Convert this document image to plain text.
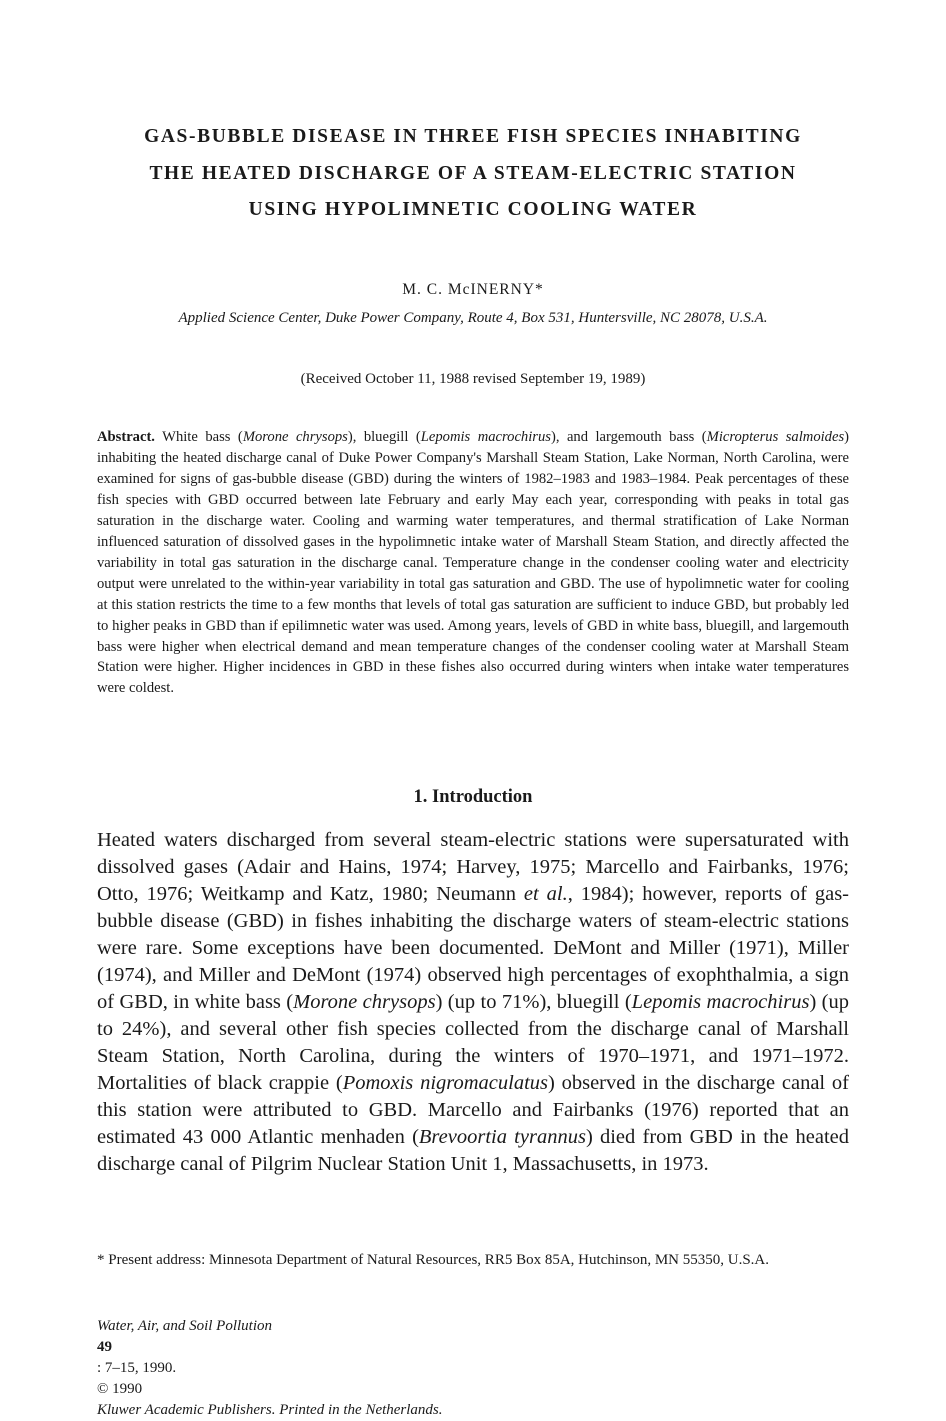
GAS-BUBBLE DISEASE IN THREE FISH SPECIES INHABITING
THE HEATED DISCHARGE OF A STEAM-ELECTRIC STATION
USING HYPOLIMNETIC COOLING WATER

M. C. McINERNY*

Applied Science Center, Duke Power Company, Route 4, Box 531, Huntersville, NC 28078, U.S.A.

(Received October 11, 1988 revised September 19, 1989)

Abstract. White bass (Morone chrysops), bluegill (Lepomis macrochirus), and largemouth bass (Micropterus salmoides) inhabiting the heated discharge canal of Duke Power Company's Marshall Steam Station, Lake Norman, North Carolina, were examined for signs of gas-bubble disease (GBD) during the winters of 1982–1983 and 1983–1984. Peak percentages of these fish species with GBD occurred between late February and early May each year, corresponding with peaks in total gas saturation in the discharge water. Cooling and warming water temperatures, and thermal stratification of Lake Norman influenced saturation of dissolved gases in the hypolimnetic intake water of Marshall Steam Station, and directly affected the variability in total gas saturation in the discharge canal. Temperature change in the condenser cooling water and electricity output were unrelated to the within-year variability in total gas saturation and GBD. The use of hypolimnetic water for cooling at this station restricts the time to a few months that levels of total gas saturation are sufficient to induce GBD, but probably led to higher peaks in GBD than if epilimnetic water was used. Among years, levels of GBD in white bass, bluegill, and largemouth bass were higher when electrical demand and mean temperature changes of the condenser cooling water at Marshall Steam Station were higher. Higher incidences in GBD in these fishes also occurred during winters when intake water temperatures were coldest.

1. Introduction

Heated waters discharged from several steam-electric stations were supersaturated with dissolved gases (Adair and Hains, 1974; Harvey, 1975; Marcello and Fairbanks, 1976; Otto, 1976; Weitkamp and Katz, 1980; Neumann et al., 1984); however, reports of gas-bubble disease (GBD) in fishes inhabiting the discharge waters of steam-electric stations were rare. Some exceptions have been documented. DeMont and Miller (1971), Miller (1974), and Miller and DeMont (1974) observed high percentages of exophthalmia, a sign of GBD, in white bass (Morone chrysops) (up to 71%), bluegill (Lepomis macrochirus) (up to 24%), and several other fish species collected from the discharge canal of Marshall Steam Station, North Carolina, during the winters of 1970–1971, and 1971–1972. Mortalities of black crappie (Pomoxis nigromaculatus) observed in the discharge canal of this station were attributed to GBD. Marcello and Fairbanks (1976) reported that an estimated 43 000 Atlantic menhaden (Brevoortia tyrannus) died from GBD in the heated discharge canal of Pilgrim Nuclear Station Unit 1, Massachusetts, in 1973.

* Present address: Minnesota Department of Natural Resources, RR5 Box 85A, Hutchinson, MN 55350, U.S.A.

Water, Air, and Soil Pollution
49
: 7–15, 1990.
© 1990
Kluwer Academic Publishers. Printed in the Netherlands.
